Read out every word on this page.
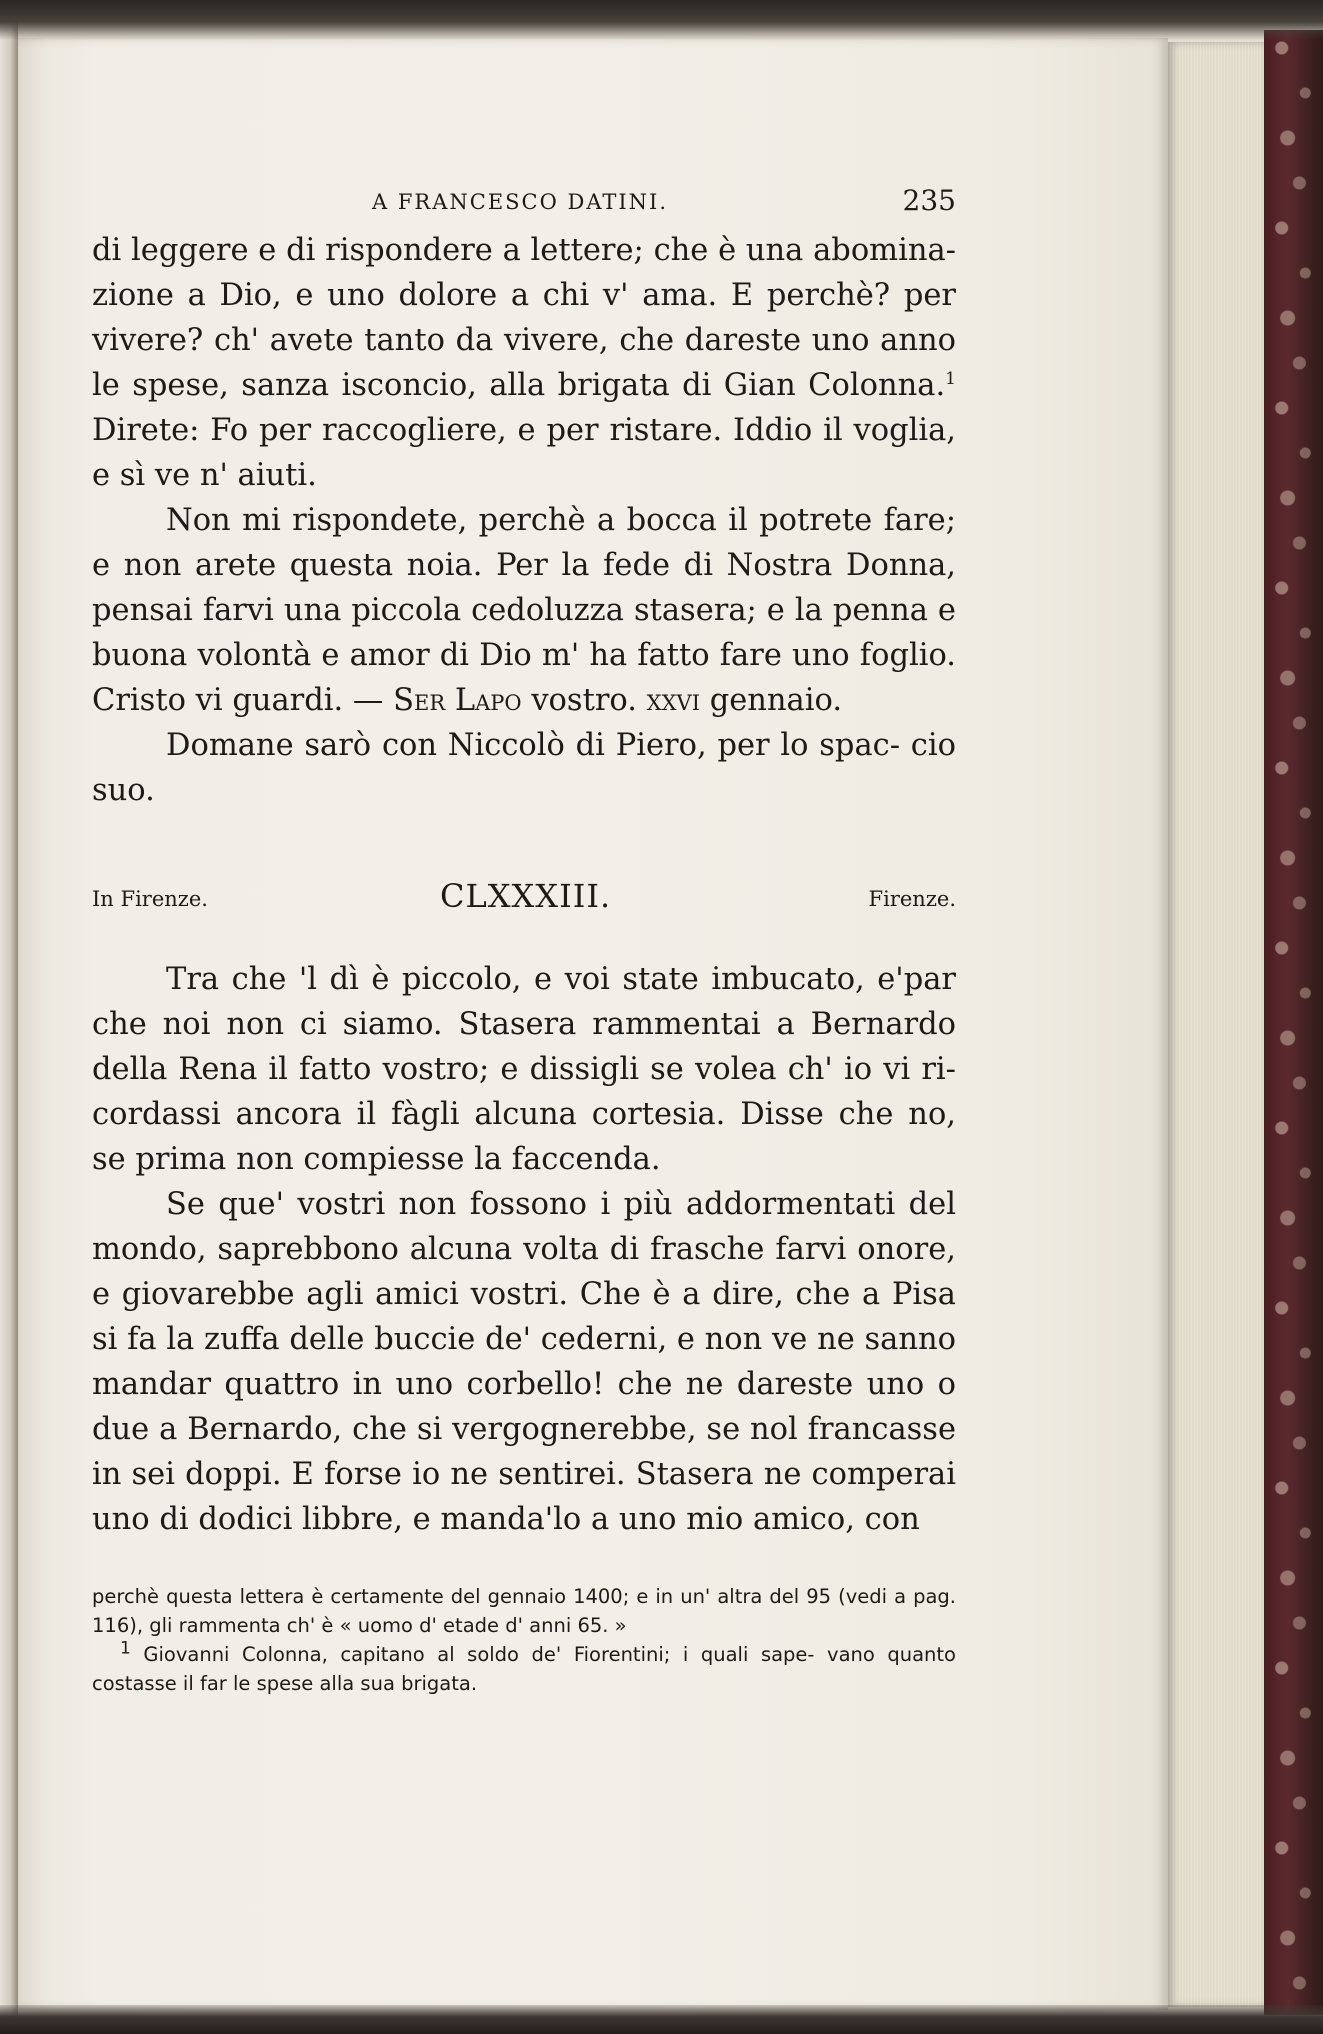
A FRANCESCO DATINI.	235

di leggere e di rispondere a lettere; che è una abomina- zione a Dio, e uno dolore a chi v' ama. E perchè? per vivere? ch' avete tanto da vivere, che dareste uno anno le spese, sanza isconcio, alla brigata di Gian Colonna.$^1$ Direte: Fo per raccogliere, e per ristare. Iddio il voglia, e sì ve n' aiuti.

Non mi rispondete, perchè a bocca il potrete fare; e non arete questa noia. Per la fede di Nostra Donna, pensai farvi una piccola cedoluzza stasera; e la penna e buona volontà e amor di Dio m' ha fatto fare uno foglio. Cristo vi guardi. — Ser Lapo vostro. xxvi gennaio.

Domane sarò con Niccolò di Piero, per lo spac- cio suo.

In Firenze.	CLXXXIII.	Firenze.

Tra che 'l dì è piccolo, e voi state imbucato, e'par che noi non ci siamo. Stasera rammentai a Bernardo della Rena il fatto vostro; e dissigli se volea ch' io vi ri- cordassi ancora il fàgli alcuna cortesia. Disse che no, se prima non compiesse la faccenda.

Se que' vostri non fossono i più addormentati del mondo, saprebbono alcuna volta di frasche farvi onore, e giovarebbe agli amici vostri. Che è a dire, che a Pisa si fa la zuffa delle buccie de' cederni, e non ve ne sanno mandar quattro in uno corbello! che ne dareste uno o due a Bernardo, che si vergognerebbe, se nol francasse in sei doppi. E forse io ne sentirei. Stasera ne comperai uno di dodici libbre, e manda'lo a uno mio amico, con

perchè questa lettera è certamente del gennaio 1400; e in un' altra del 95 (vedi a pag. 116), gli rammenta ch' è « uomo d' etade d' anni 65. »

$^1$ Giovanni Colonna, capitano al soldo de' Fiorentini; i quali sape- vano quanto costasse il far le spese alla sua brigata.
